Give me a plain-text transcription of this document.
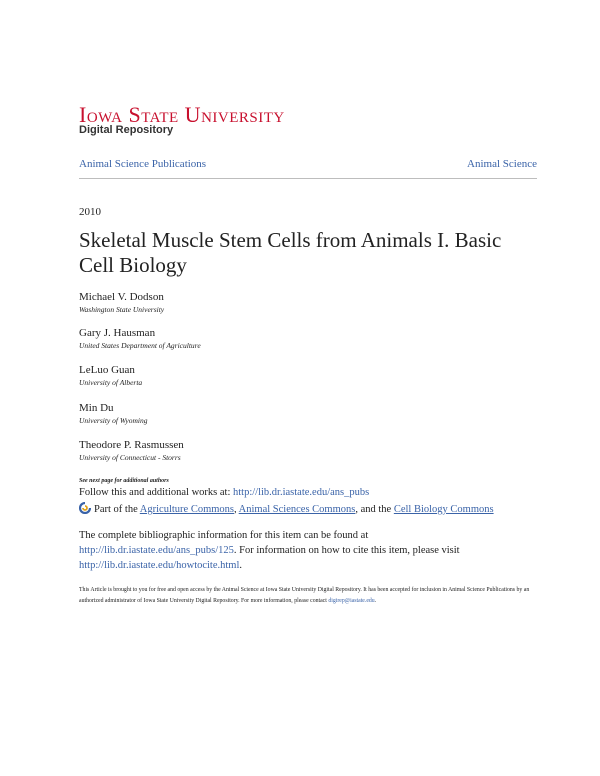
Iowa State University
Digital Repository
Animal Science Publications	Animal Science
2010
Skeletal Muscle Stem Cells from Animals I. Basic Cell Biology
Michael V. Dodson
Washington State University
Gary J. Hausman
United States Department of Agriculture
LeLuo Guan
University of Alberta
Min Du
University of Wyoming
Theodore P. Rasmussen
University of Connecticut - Storrs
See next page for additional authors
Follow this and additional works at: http://lib.dr.iastate.edu/ans_pubs
Part of the Agriculture Commons, Animal Sciences Commons, and the Cell Biology Commons
The complete bibliographic information for this item can be found at http://lib.dr.iastate.edu/ans_pubs/125. For information on how to cite this item, please visit http://lib.dr.iastate.edu/howtocite.html.
This Article is brought to you for free and open access by the Animal Science at Iowa State University Digital Repository. It has been accepted for inclusion in Animal Science Publications by an authorized administrator of Iowa State University Digital Repository. For more information, please contact digirep@iastate.edu.
